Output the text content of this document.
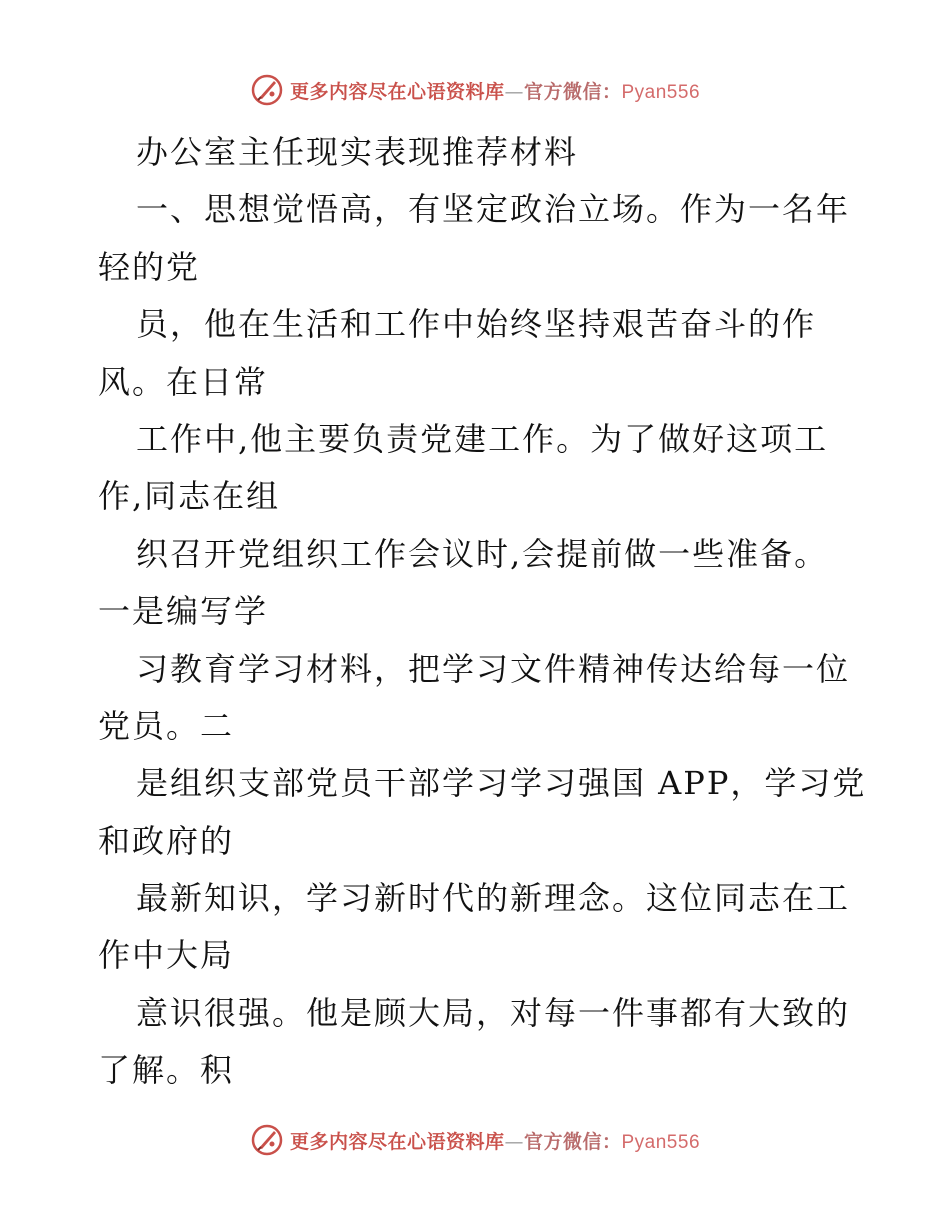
更多内容尽在心语资料库—官方微信：Pyan556
办公室主任现实表现推荐材料
一、思想觉悟高，有坚定政治立场。作为一名年
轻的党
员，他在生活和工作中始终坚持艰苦奋斗的作
风。在日常
工作中,他主要负责党建工作。为了做好这项工
作,同志在组
织召开党组织工作会议时,会提前做一些准备。
一是编写学
习教育学习材料，把学习文件精神传达给每一位
党员。二
是组织支部党员干部学习学习强国 APP，学习党
和政府的
最新知识，学习新时代的新理念。这位同志在工
作中大局
意识很强。他是顾大局，对每一件事都有大致的
了解。积
更多内容尽在心语资料库—官方微信：Pyan556
